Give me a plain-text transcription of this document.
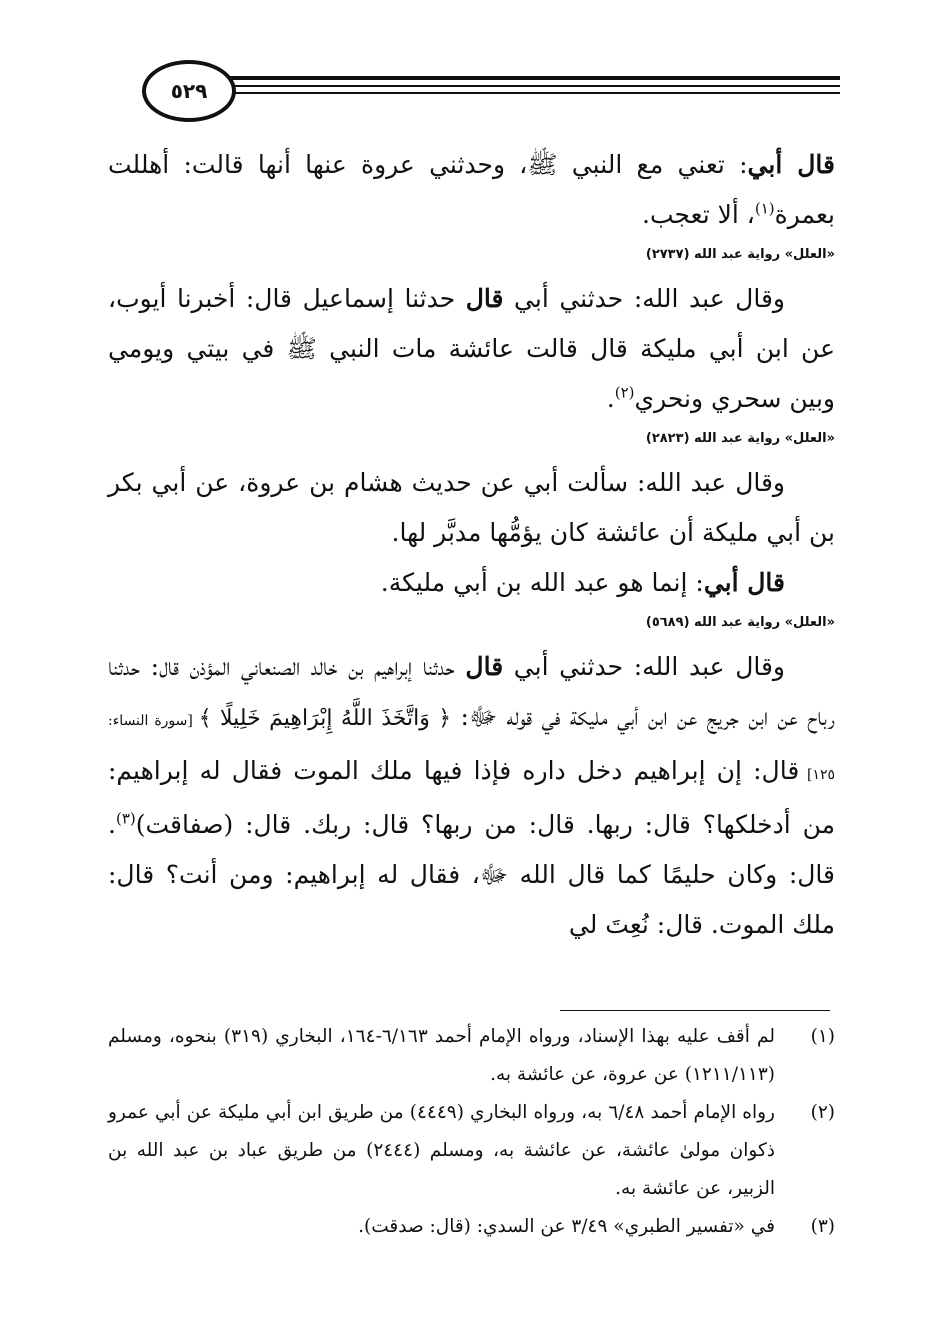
٥٢٩

قال أبي: تعني مع النبي ﷺ، وحدثني عروة عنها أنها قالت: أهللت بعمرة$^{(١)}$، ألا تعجب.

«العلل» رواية عبد الله (٢٧٣٧)

وقال عبد الله: حدثني أبي قال حدثنا إسماعيل قال: أخبرنا أيوب، عن ابن أبي مليكة قال قالت عائشة مات النبي ﷺ في بيتي ويومي وبين سحري ونحري$^{(٢)}$.

«العلل» رواية عبد الله (٢٨٢٣)

وقال عبد الله: سألت أبي عن حديث هشام بن عروة، عن أبي بكر بن أبي مليكة أن عائشة كان يؤمُّها مدبَّر لها.

قال أبي: إنما هو عبد الله بن أبي مليكة.

«العلل» رواية عبد الله (٥٦٨٩)

وقال عبد الله: حدثني أبي قال حدثنا إبراهيم بن خالد الصنعاني المؤذن قال: حدثنا رباح عن ابن جريج عن ابن أبي مليكة في قوله ﷻ: ﴿ وَاتَّخَذَ اللَّهُ إِبْرَاهِيمَ خَلِيلًا ﴾ [سورة النساء: ١٢٥] قال: إن إبراهيم دخل داره فإذا فيها ملك الموت فقال له إبراهيم: من أدخلكها؟ قال: ربها. قال: من ربها؟ قال: ربك. قال: (صفاقت)$^{(٣)}$. قال: وكان حليمًا كما قال الله ﷻ، فقال له إبراهيم: ومن أنت؟ قال: ملك الموت. قال: نُعِتَ لي

(١)
لم أقف عليه بهذا الإسناد، ورواه الإمام أحمد ٦/١٦٣-١٦٤، البخاري (٣١٩) بنحوه، ومسلم (١٢١١/١١٣) عن عروة، عن عائشة به.

(٢)
رواه الإمام أحمد ٦/٤٨ به، ورواه البخاري (٤٤٤٩) من طريق ابن أبي مليكة عن أبي عمرو ذكوان مولىٰ عائشة، عن عائشة به، ومسلم (٢٤٤٤) من طريق عباد بن عبد الله بن الزبير، عن عائشة به.

(٣)
في «تفسير الطبري» ٣/٤٩ عن السدي: (قال: صدقت).
